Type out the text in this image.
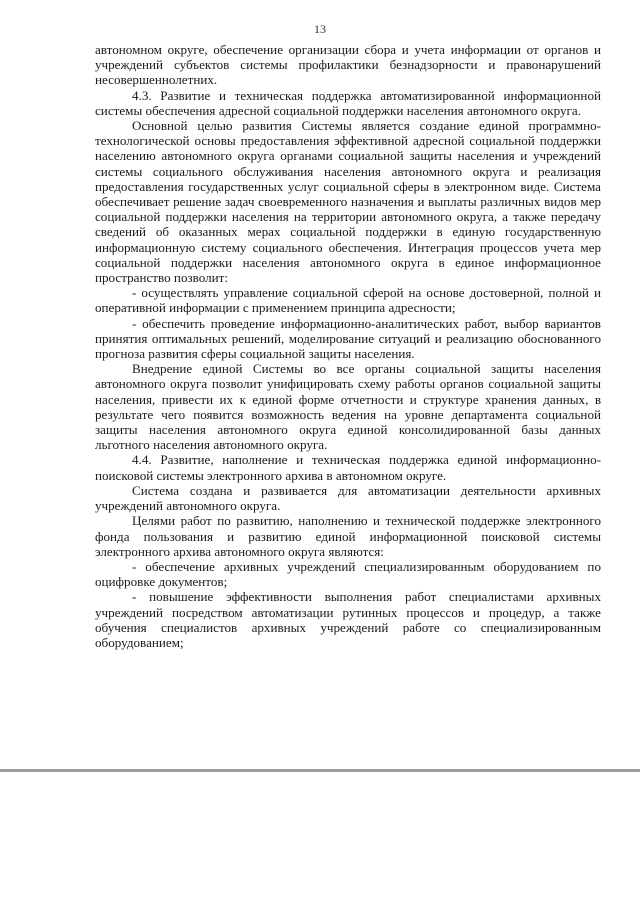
13

автономном округе, обеспечение организации сбора и учета информации от органов и учреждений субъектов системы профилактики безнадзорности и правонарушений несовершеннолетних.

4.3. Развитие и техническая поддержка автоматизированной информационной системы обеспечения адресной социальной поддержки населения автономного округа.

Основной целью развития Системы является создание единой программно-технологической основы предоставления эффективной адресной социальной поддержки населению автономного округа органами социальной защиты населения и учреждений системы социального обслуживания населения автономного округа и реализация предоставления государственных услуг социальной сферы в электронном виде. Система обеспечивает решение задач своевременного назначения и выплаты различных видов мер социальной поддержки населения на территории автономного округа, а также передачу сведений об оказанных мерах социальной поддержки в единую государственную информационную систему социального обеспечения. Интеграция процессов учета мер социальной поддержки населения автономного округа в единое информационное пространство позволит:

- осуществлять управление социальной сферой на основе достоверной, полной и оперативной информации с применением принципа адресности;

- обеспечить проведение информационно-аналитических работ, выбор вариантов принятия оптимальных решений, моделирование ситуаций и реализацию обоснованного прогноза развития сферы социальной защиты населения.

Внедрение единой Системы во все органы социальной защиты населения автономного округа позволит унифицировать схему работы органов социальной защиты населения, привести их к единой форме отчетности и структуре хранения данных, в результате чего появится возможность ведения на уровне департамента социальной защиты населения автономного округа единой консолидированной базы данных льготного населения автономного округа.

4.4. Развитие, наполнение и техническая поддержка единой информационно-поисковой системы электронного архива в автономном округе.

Система создана и развивается для автоматизации деятельности архивных учреждений автономного округа.

Целями работ по развитию, наполнению и технической поддержке электронного фонда пользования и развитию единой информационной поисковой системы электронного архива автономного округа являются:

- обеспечение архивных учреждений специализированным оборудованием по оцифровке документов;

- повышение эффективности выполнения работ специалистами архивных учреждений посредством автоматизации рутинных процессов и процедур, а также обучения специалистов архивных учреждений работе со специализированным оборудованием;
